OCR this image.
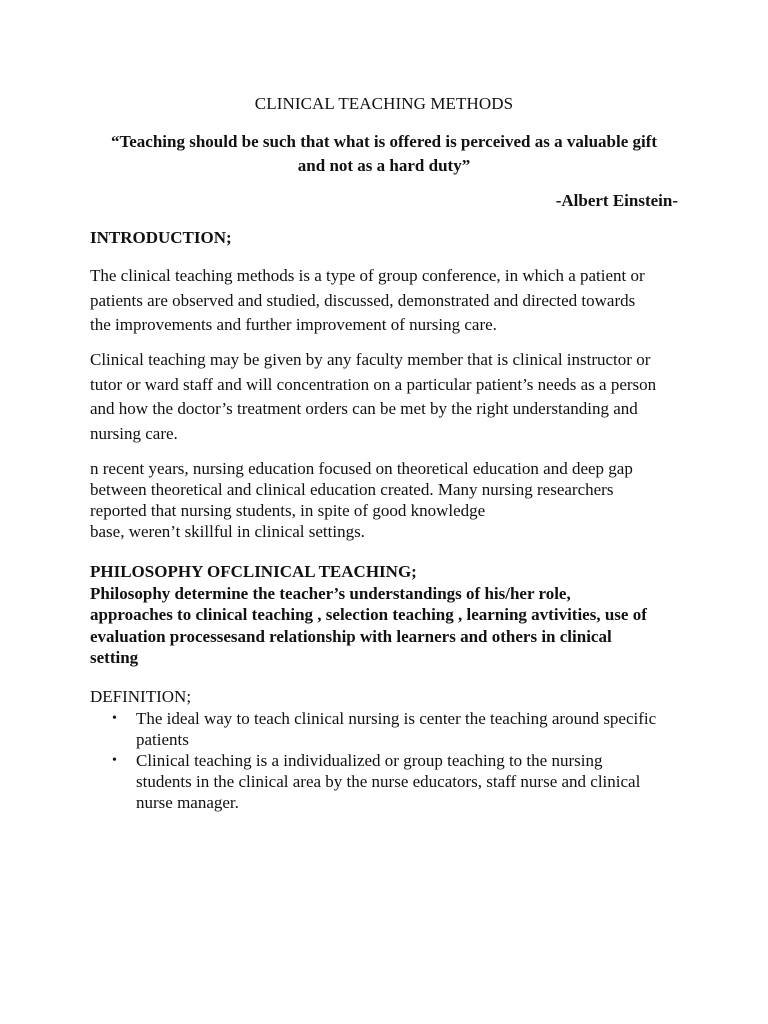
CLINICAL TEACHING METHODS

“Teaching should be such that what is offered is perceived as a valuable gift
and not as a hard duty”

-Albert Einstein-

INTRODUCTION;

The clinical teaching methods is a type of group conference, in which a patient or
patients are observed and studied, discussed, demonstrated and directed towards
the improvements and further improvement of nursing care.

Clinical teaching may be given by any faculty member that is clinical instructor or
tutor or ward staff and will concentration on a particular patient’s needs as a person
and how the doctor’s treatment orders can be met by the right understanding and
nursing care.

n recent years, nursing education focused on theoretical education and deep gap
between theoretical and clinical education created. Many nursing researchers
reported that nursing students, in spite of good knowledge
base, weren’t skillful in clinical settings.

PHILOSOPHY OFCLINICAL TEACHING;

Philosophy determine the teacher’s understandings of his/her role,
approaches to clinical teaching , selection teaching , learning avtivities, use of
evaluation processesand relationship with learners and others in clinical
setting

DEFINITION;
• The ideal way to teach clinical nursing is center the teaching around specific
patients
• Clinical teaching is a individualized or group teaching to the nursing
students in the clinical area by the nurse educators, staff nurse and clinical
nurse manager.
